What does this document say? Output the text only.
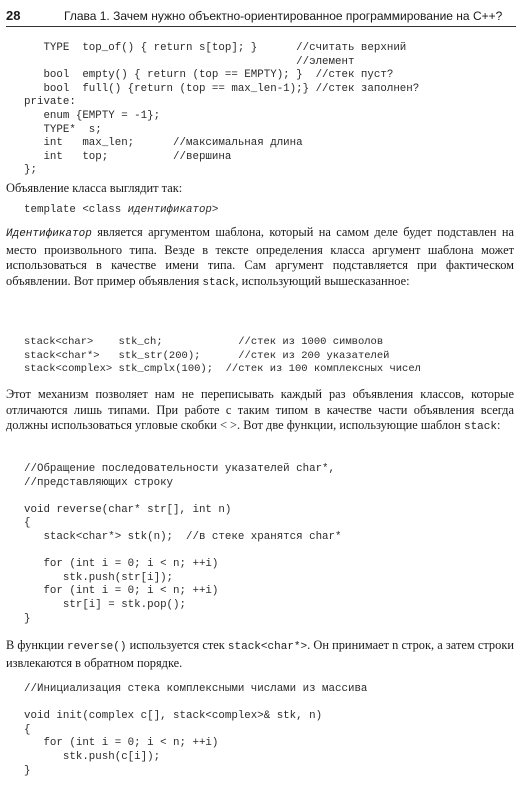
28	Глава 1. Зачем нужно объектно-ориентированное программирование на C++?
TYPE  top_of() { return s[top]; }      //считать верхний
//элемент
bool  empty() { return (top == EMPTY); }  //стек пуст?
bool  full() {return (top == max_len-1);} //стек заполнен?
private:
enum {EMPTY = -1};
TYPE*  s;
int   max_len;      //максимальная длина
int   top;          //вершина
};

Объявление класса выглядит так:

template <class идентификатор>

Идентификатор является аргументом шаблона, который на самом деле будет подставлен на место произвольного типа. Везде в тексте определения класса аргумент шаблона может использоваться в качестве имени типа. Сам аргумент подставляется при фактическом объявлении. Вот пример объявления stack, использующий вышесказанное:

stack<char>    stk_ch;            //стек из 1000 символов
stack<char*>   stk_str(200);      //стек из 200 указателей
stack<complex> stk_cmplx(100);  //стек из 100 комплексных чисел

Этот механизм позволяет нам не переписывать каждый раз объявления классов, которые отличаются лишь типами. При работе с таким типом в качестве части объявления всегда должны использоваться угловые скобки < >. Вот две функции, использующие шаблон stack:

//Обращение последовательности указателей char*,
//представляющих строку

void reverse(char* str[], int n)
{
stack<char*> stk(n);  //в стеке хранятся char*

for (int i = 0; i < n; ++i)
stk.push(str[i]);
for (int i = 0; i < n; ++i)
str[i] = stk.pop();
}

В функции reverse() используется стек stack<char*>. Он принимает n строк, а затем строки извлекаются в обратном порядке.

//Инициализация стека комплексными числами из массива

void init(complex c[], stack<complex>& stk, n)
{
for (int i = 0; i < n; ++i)
stk.push(c[i]);
}
